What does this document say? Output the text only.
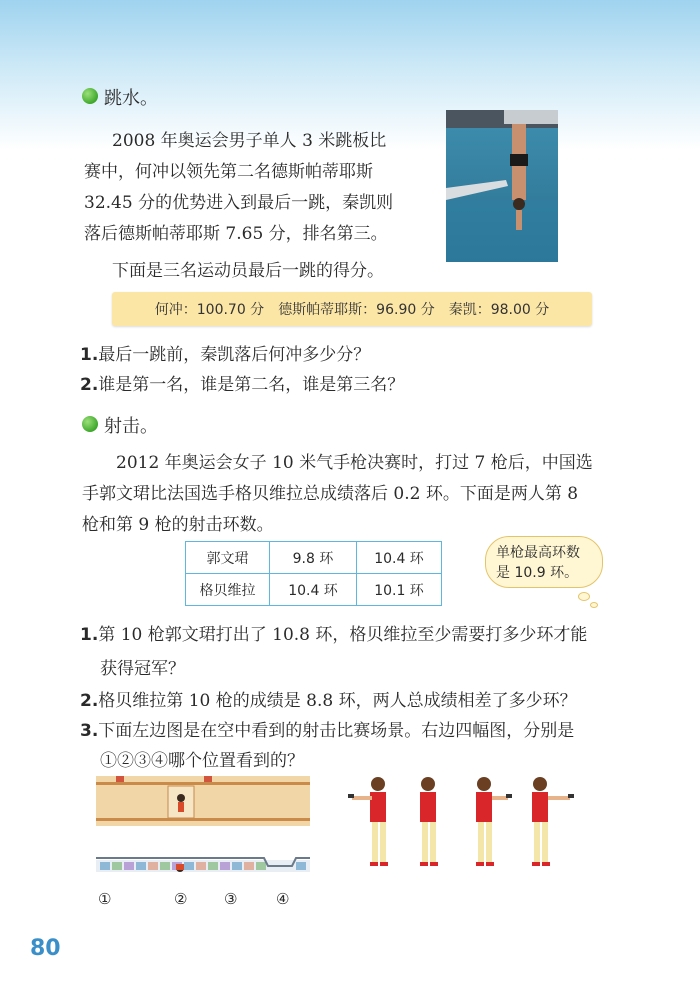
跳水。
2008 年奥运会男子单人 3 米跳板比
赛中，何冲以领先第二名德斯帕蒂耶斯
32.45 分的优势进入到最后一跳，秦凯则
落后德斯帕蒂耶斯 7.65 分，排名第三。
下面是三名运动员最后一跳的得分。
何冲：100.70 分 德斯帕蒂耶斯：96.90 分 秦凯：98.00 分
1.最后一跳前，秦凯落后何冲多少分？
2.谁是第一名，谁是第二名，谁是第三名？
射击。
2012 年奥运会女子 10 米气手枪决赛时，打过 7 枪后，中国选
手郭文珺比法国选手格贝维拉总成绩落后 0.2 环。下面是两人第 8
枪和第 9 枪的射击环数。
郭文珺	9.8 环	10.4 环
格贝维拉	10.4 环	10.1 环
单枪最高环数
是 10.9 环。
1.第 10 枪郭文珺打出了 10.8 环，格贝维拉至少需要打多少环才能
获得冠军？
2.格贝维拉第 10 枪的成绩是 8.8 环，两人总成绩相差了多少环？
3.下面左边图是在空中看到的射击比赛场景。右边四幅图，分别是
①②③④哪个位置看到的？
①	② ③	④
80
